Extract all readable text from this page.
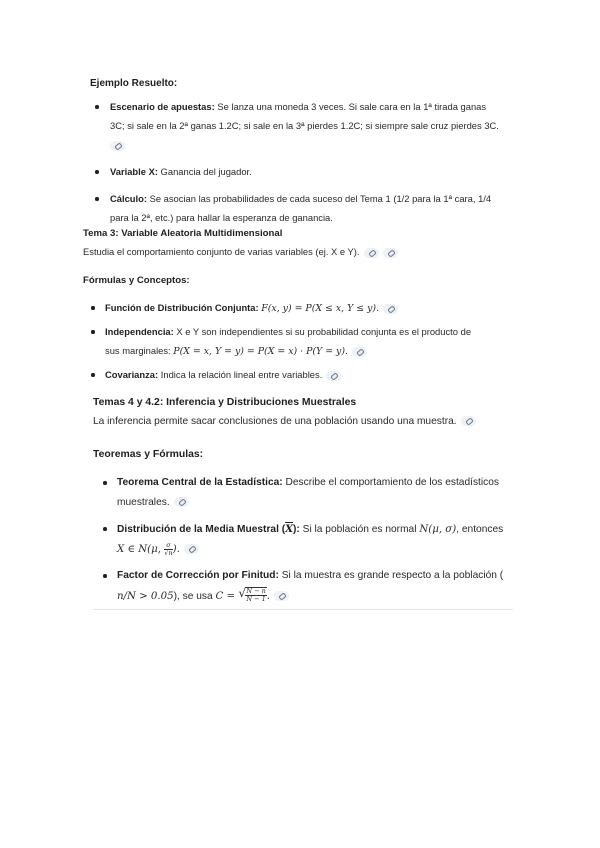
Ejemplo Resuelto:
Escenario de apuestas: Se lanza una moneda 3 veces. Si sale cara en la 1ª tirada ganas
3C; si sale en la 2ª ganas 1.2C; si sale en la 3ª pierdes 1.2C; si siempre sale cruz pierdes 3C.

Variable X: Ganancia del jugador.
Cálculo: Se asocian las probabilidades de cada suceso del Tema 1 (1/2 para la 1ª cara, 1/4
para la 2ª, etc.) para hallar la esperanza de ganancia.
Tema 3: Variable Aleatoria Multidimensional
Estudia el comportamiento conjunto de varias variables (ej. X e Y).
Fórmulas y Conceptos:
Función de Distribución Conjunta: F(x, y) = P(X ≤ x, Y ≤ y).
Independencia: X e Y son independientes si su probabilidad conjunta es el producto de
sus marginales: P(X = x, Y = y) = P(X = x) · P(Y = y).
Covarianza: Indica la relación lineal entre variables.
Temas 4 y 4.2: Inferencia y Distribuciones Muestrales
La inferencia permite sacar conclusiones de una población usando una muestra.
Teoremas y Fórmulas:
Teorema Central de la Estadística: Describe el comportamiento de los estadísticos
muestrales.
Distribución de la Media Muestral $(\overline{X})$: Si la población es normal N(μ, σ), entonces
X ∈ N(μ, $\frac{\sigma}{√n}$ ).
Factor de Corrección por Finitud: Si la muestra es grande respecto a la población (
n/N > 0.05), se usa C = √ $\frac{N - n}{N - 1}$ .
